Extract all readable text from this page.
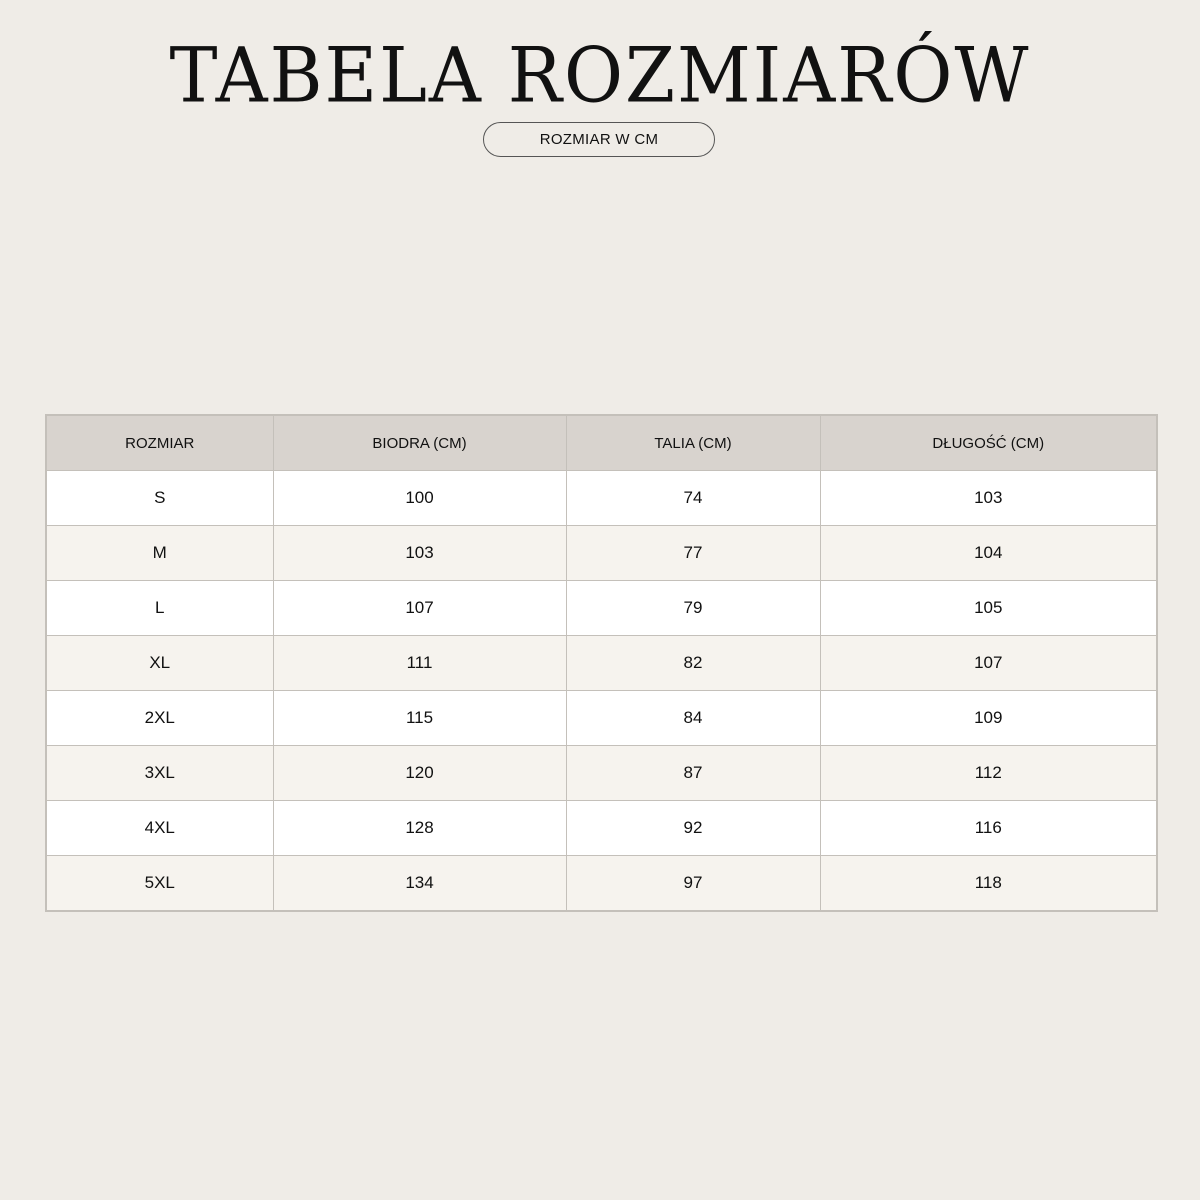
TABELA ROZMIARÓW
ROZMIAR W CM
ROZMIAR	BIODRA (CM)	TALIA (CM)	DŁUGOŚĆ (CM)
S	100	74	103
M	103	77	104
L	107	79	105
XL	111	82	107
2XL	115	84	109
3XL	120	87	112
4XL	128	92	116
5XL	134	97	118
